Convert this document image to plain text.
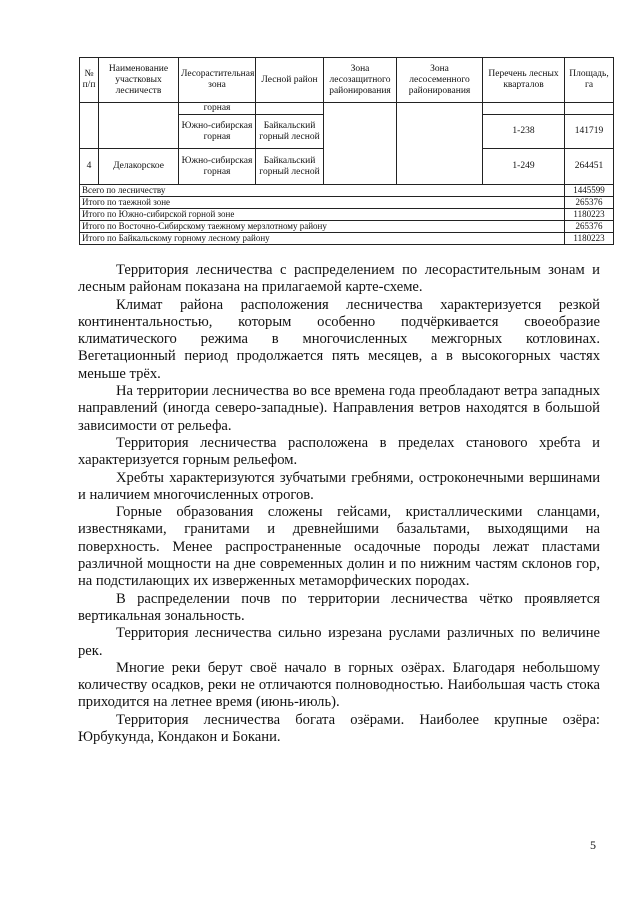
№ п/п	Наименование участковых лесничеств	Лесорастительная зона	Лесной район	Зона лесозащитного районирования	Зона лесосеменного районирования	Перечень лесных кварталов	Площадь, га
		горная					
		Южно-сибирская горная	Байкальский горный лесной			1-238	141719
4	Делакорское	Южно-сибирская горная	Байкальский горный лесной			1-249	264451
Всего по лесничеству							1445599
Итого по таежной зоне							265376
Итого по Южно-сибирской горной зоне							1180223
Итого по Восточно-Сибирскому таежному мерзлотному району							265376
Итого по Байкальскому горному лесному району							1180223

Территория лесничества с распределением по лесорастительным зонам и лесным районам показана на прилагаемой карте-схеме.

Климат района расположения лесничества характеризуется резкой континентальностью, которым особенно подчёркивается своеобразие климатического режима в многочисленных межгорных котловинах. Вегетационный период продолжается пять месяцев, а в высокогорных частях меньше трёх.

На территории лесничества во все времена года преобладают ветра западных направлений (иногда северо-западные). Направления ветров находятся в большой зависимости от рельефа.

Территория лесничества расположена в пределах станового хребта и характеризуется горным рельефом.

Хребты характеризуются зубчатыми гребнями, остроконечными вершинами и наличием многочисленных отрогов.

Горные образования сложены гейсами, кристаллическими сланцами, известняками, гранитами и древнейшими базальтами, выходящими на поверхность. Менее распространенные осадочные породы лежат пластами различной мощности на дне современных долин и по нижним частям склонов гор, на подстилающих их изверженных метаморфических породах.

В распределении почв по территории лесничества чётко проявляется вертикальная зональность.

Территория лесничества сильно изрезана руслами различных по величине рек.

Многие реки берут своё начало в горных озёрах. Благодаря небольшому количеству осадков, реки не отличаются полноводностью. Наибольшая часть стока приходится на летнее время (июнь-июль).

Территория лесничества богата озёрами. Наиболее крупные озёра: Юрбукунда, Кондакон и Бокани.

5
